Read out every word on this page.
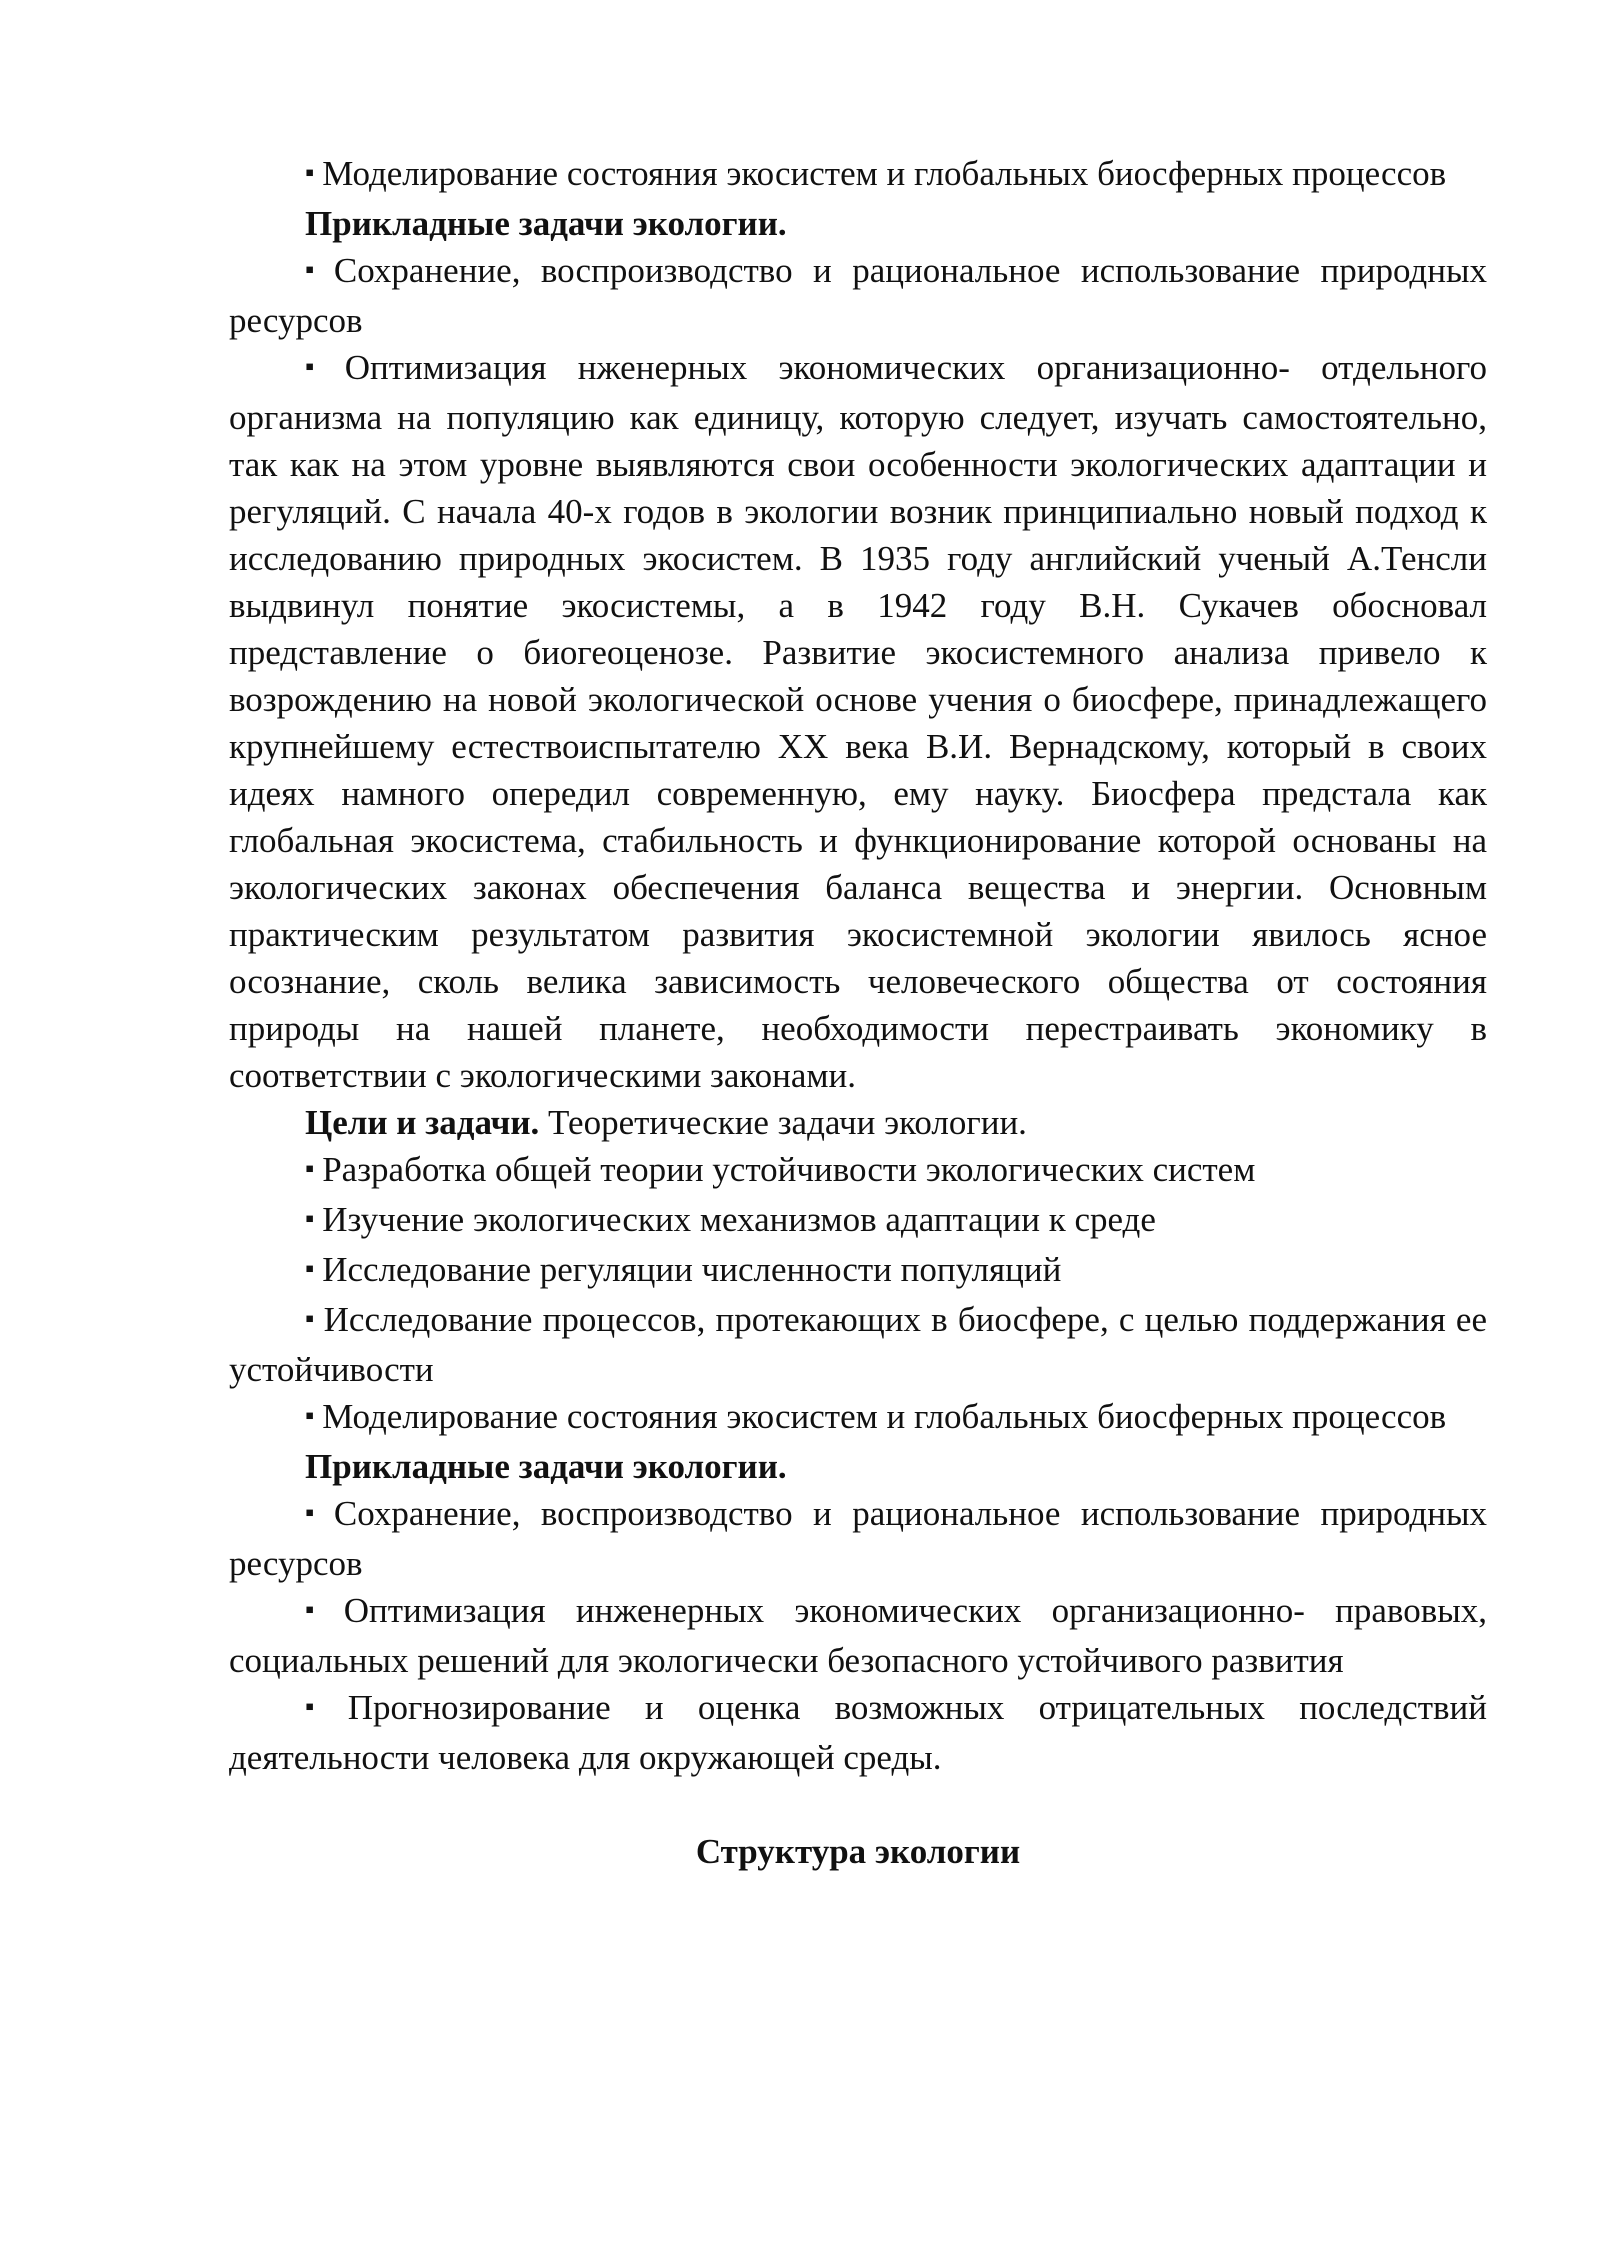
▪ Моделирование состояния экосистем и глобальных биосферных процессов

Прикладные задачи экологии.

▪ Сохранение, воспроизводство и рациональное использование природных ресурсов

▪ Оптимизация нженерных экономических организационно- отдельного организма на популяцию как единицу, которую следует, изучать самостоятельно, так как на этом уровне выявляются свои особенности экологических адаптации и регуляций. С начала 40-х годов в экологии возник принципиально новый подход к исследованию природных экосистем. В 1935 году английский ученый А.Тенсли выдвинул понятие экосистемы, а в 1942 году В.Н. Сукачев обосновал представление о биогеоценозе. Развитие экосистемного анализа привело к возрождению на новой экологической основе учения о биосфере, принадлежащего крупнейшему естествоиспытателю XX века В.И. Вернадскому, который в своих идеях намного опередил современную, ему науку. Биосфера предстала как глобальная экосистема, стабильность и функционирование которой основаны на экологических законах обеспечения баланса вещества и энергии. Основным практическим результатом развития экосистемной экологии явилось ясное осознание, сколь велика зависимость человеческого общества от состояния природы на нашей планете, необходимости перестраивать экономику в соответствии с экологическими законами.

Цели и задачи. Теоретические задачи экологии.

▪ Разработка общей теории устойчивости экологических систем

▪ Изучение экологических механизмов адаптации к среде

▪ Исследование регуляции численности популяций

▪ Исследование процессов, протекающих в биосфере, с целью поддержания ее устойчивости

▪ Моделирование состояния экосистем и глобальных биосферных процессов

Прикладные задачи экологии.

▪ Сохранение, воспроизводство и рациональное использование природных ресурсов

▪ Оптимизация инженерных экономических организационно- правовых, социальных решений для экологически безопасного устойчивого развития

▪ Прогнозирование и оценка возможных отрицательных последствий деятельности человека для окружающей среды.

Структура экологии
